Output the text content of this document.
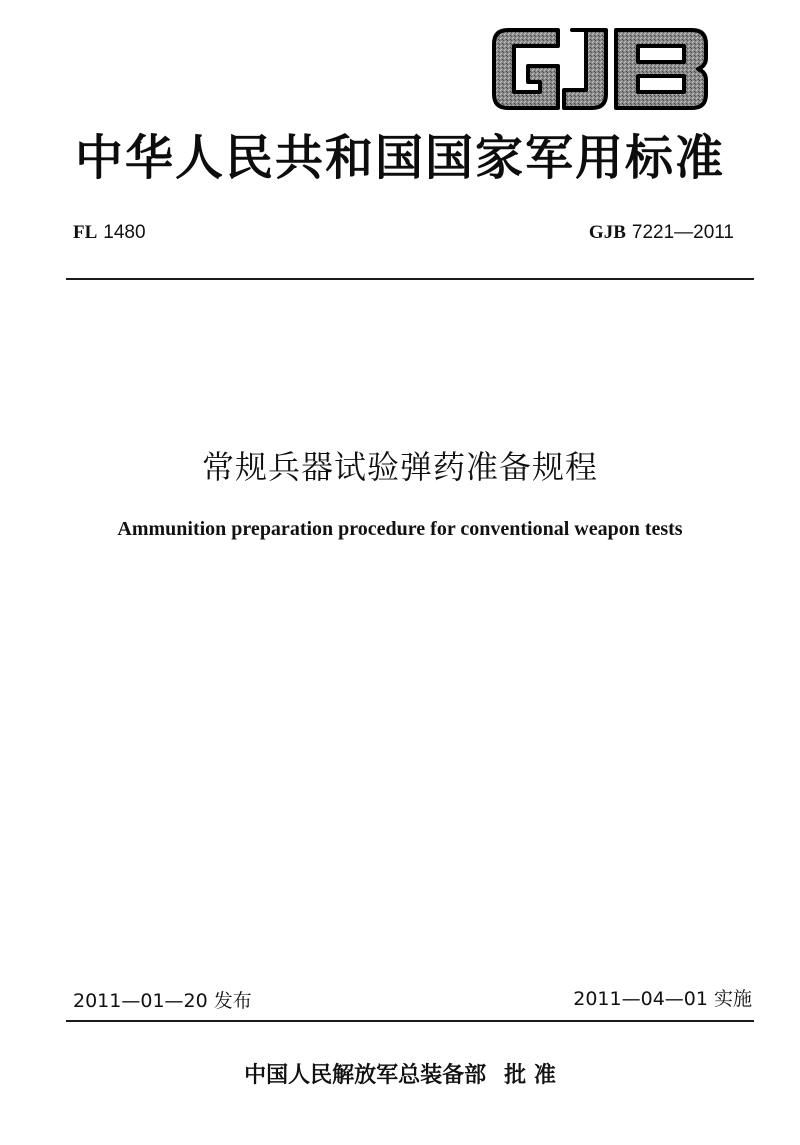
中华人民共和国国家军用标准
FL 1480	GJB 7221—2011
常规兵器试验弹药准备规程
Ammunition preparation procedure for conventional weapon tests
2011—01—20 发布	2011—04—01 实施
中国人民解放军总装备部 批 准
